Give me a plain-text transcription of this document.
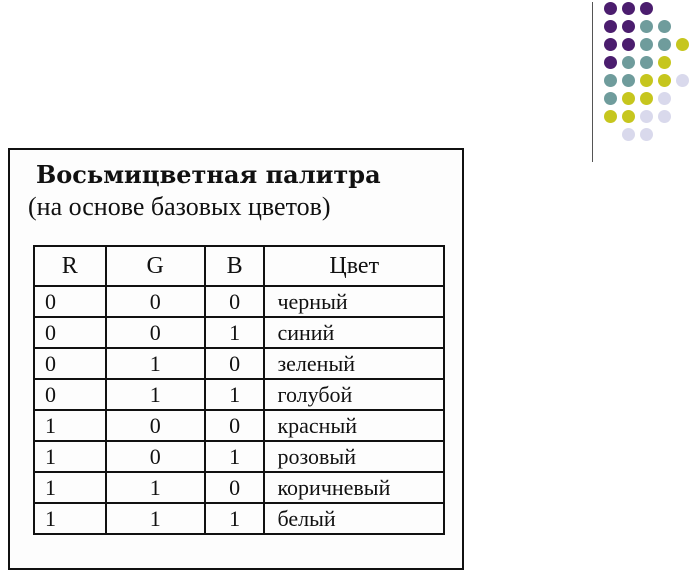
Восьмицветная палитра
(на основе базовых цветов)
R	G	B	Цвет
0	0	0	черный
0	0	1	синий
0	1	0	зеленый
0	1	1	голубой
1	0	0	красный
1	0	1	розовый
1	1	0	коричневый
1	1	1	белый
